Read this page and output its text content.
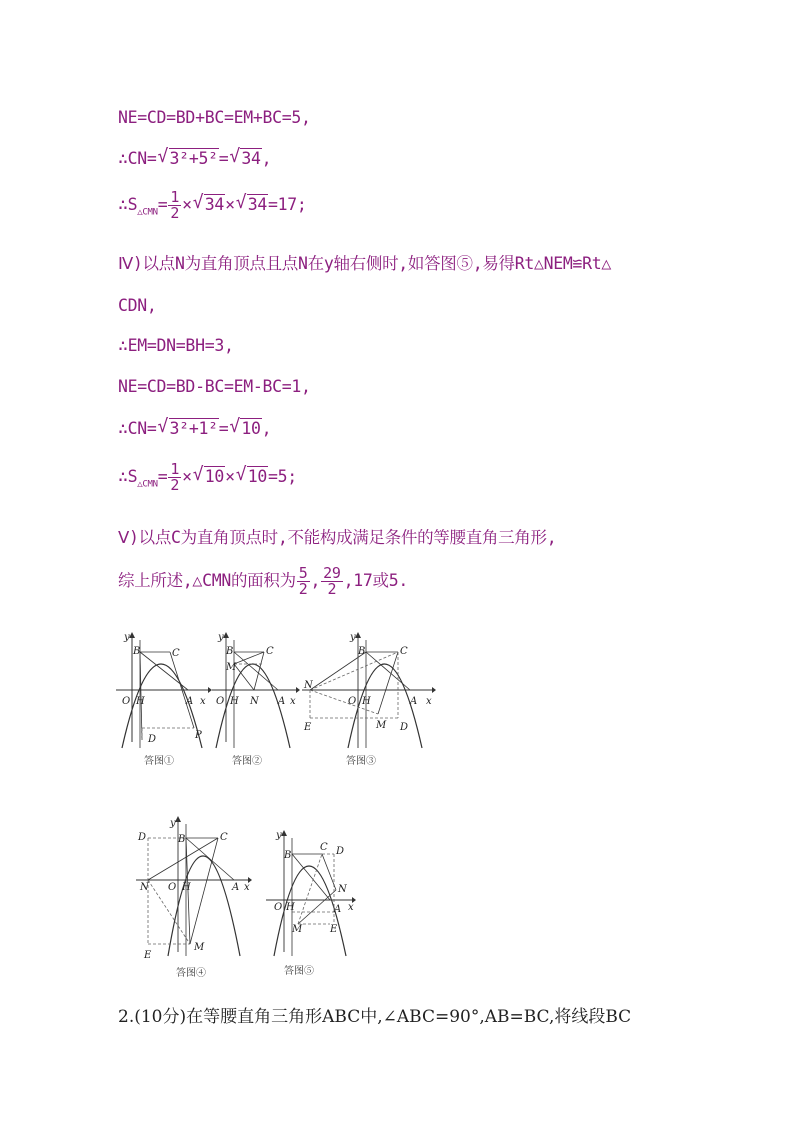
NE=CD=BD+BC=EM+BC=5,
∴CN= √ 3²+5²= √ 34,
$\therefore S_{\triangle CMN}= \frac{1}{2}$ × √ 34× √ 34=17;
Ⅳ)以点N为直角顶点且点N在y轴右侧时,如答图⑤,易得Rt△NEM≌Rt△
CDN,
∴EM=DN=BH=3,
NE=CD=BD-BC=EM-BC=1,
∴CN= √ 3²+1²= √ 10,
$\therefore S_{\triangle CMN}= \frac{1}{2}$ × √ 10× √ 10=5;
Ⅴ)以点C为直角顶点时,不能构成满足条件的等腰直角三角形,
综上所述,△CMN的面积为 $\frac{5}{2}$ , $\frac{29}{2} ,17$或5.
y
B	C
O H	A x
D	P
答图①
y
B	C
M
O H N A x
答图②
y
B	C
N
O H	A x
E	M D
答图③
D
y
B	C
N O H	A x
M
E
答图④
y
B
C D
N
O H	A x
M	E
答图⑤
2.(10分)在等腰直角三角形ABC中,∠ABC=90°,AB=BC,将线段BC
